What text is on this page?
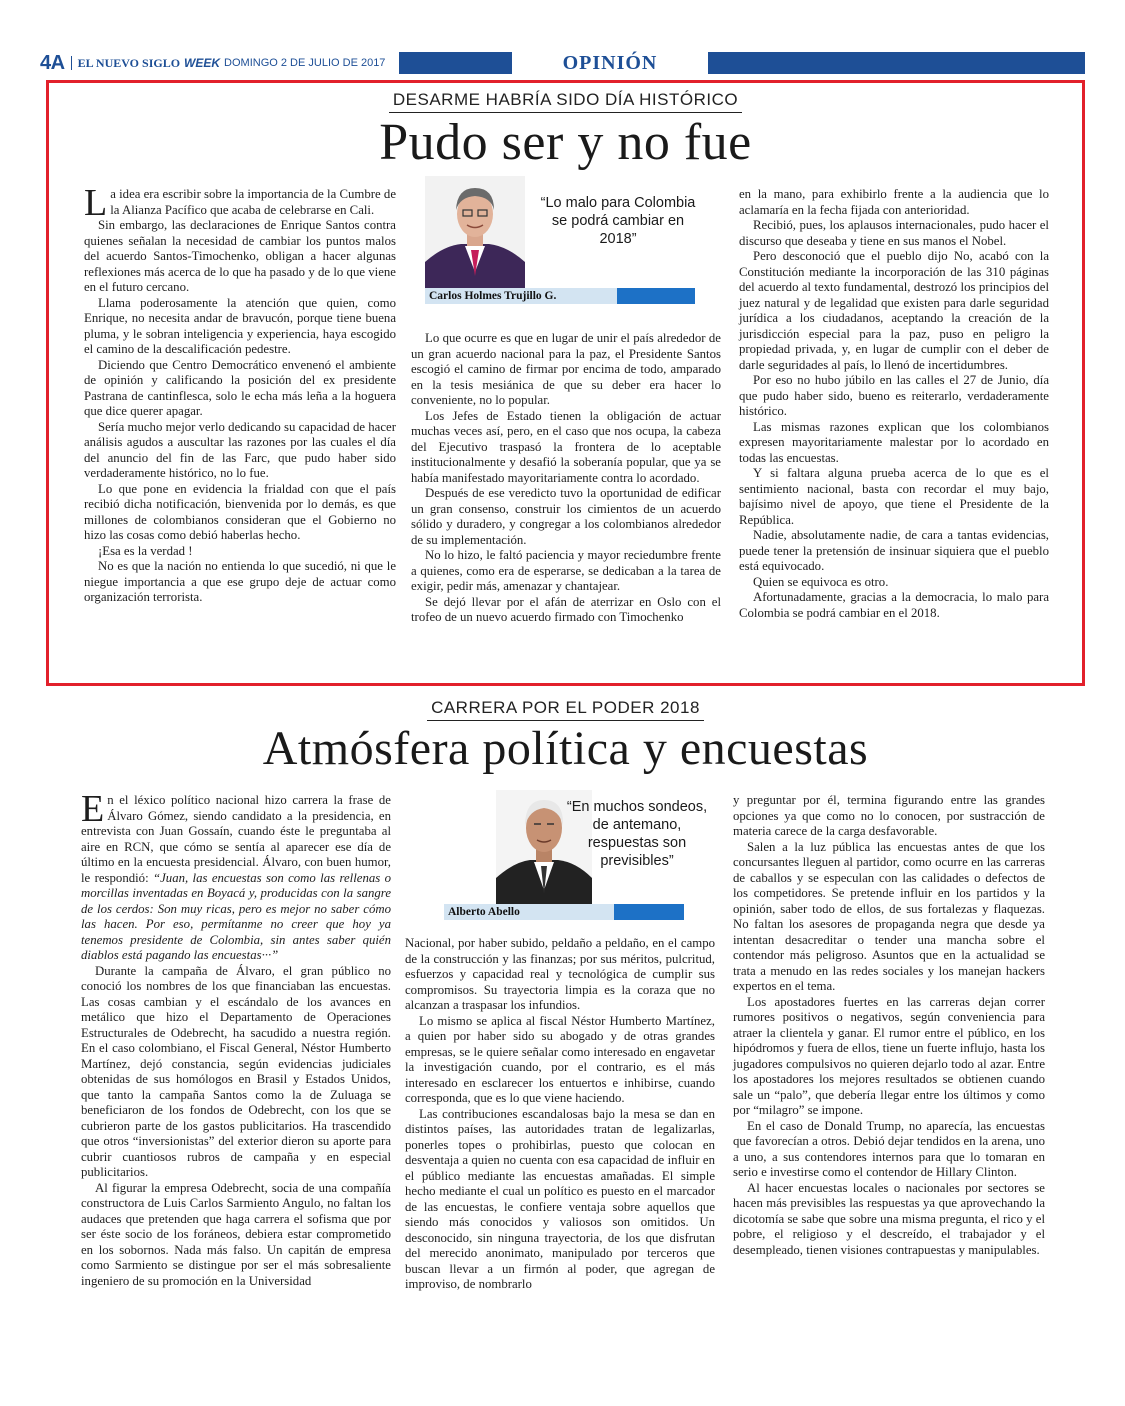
4A EL NUEVO SIGLO WEEK DOMINGO 2 DE JULIO DE 2017	OPINIÓN
DESARME HABRÍA SIDO DÍA HISTÓRICO
Pudo ser y no fue

La idea era escribir sobre la importancia de la Cumbre de la Alianza Pacífico que acaba de celebrarse en Cali.

Sin embargo, las declaraciones de Enrique Santos contra quienes señalan la necesidad de cambiar los puntos malos del acuerdo Santos-Timochenko, obligan a hacer algunas reflexiones más acerca de lo que ha pasado y de lo que viene en el futuro cercano.

Llama poderosamente la atención que quien, como Enrique, no necesita andar de bravucón, porque tiene buena pluma, y le sobran inteligencia y experiencia, haya escogido el camino de la descalificación pedestre.

Diciendo que Centro Democrático envenenó el ambiente de opinión y calificando la posición del ex presidente Pastrana de cantinflesca, solo le echa más leña a la hoguera que dice querer apagar.

Sería mucho mejor verlo dedicando su capacidad de hacer análisis agudos a auscultar las razones por las cuales el día del anuncio del fin de las Farc, que pudo haber sido verdaderamente histórico, no lo fue.

Lo que pone en evidencia la frialdad con que el país recibió dicha notificación, bienvenida por lo demás, es que millones de colombianos consideran que el Gobierno no hizo las cosas como debió haberlas hecho.

¡Esa es la verdad !

No es que la nación no entienda lo que sucedió, ni que le niegue importancia a que ese grupo deje de actuar como organización terrorista.

“Lo malo para Colombia se podrá cambiar en 2018”
Carlos Holmes Trujillo G.

Lo que ocurre es que en lugar de unir el país alrededor de un gran acuerdo nacional para la paz, el Presidente Santos escogió el camino de firmar por encima de todo, amparado en la tesis mesiánica de que su deber era hacer lo conveniente, no lo popular.

Los Jefes de Estado tienen la obligación de actuar muchas veces así, pero, en el caso que nos ocupa, la cabeza del Ejecutivo traspasó la frontera de lo aceptable institucionalmente y desafió la soberanía popular, que ya se había manifestado mayoritariamente contra lo acordado.

Después de ese veredicto tuvo la oportunidad de edificar un gran consenso, construir los cimientos de un acuerdo sólido y duradero, y congregar a los colombianos alrededor de su implementación.

No lo hizo, le faltó paciencia y mayor reciedumbre frente a quienes, como era de esperarse, se dedicaban a la tarea de exigir, pedir más, amenazar y chantajear.

Se dejó llevar por el afán de aterrizar en Oslo con el trofeo de un nuevo acuerdo firmado con Timochenko

en la mano, para exhibirlo frente a la audiencia que lo aclamaría en la fecha fijada con anterioridad.

Recibió, pues, los aplausos internacionales, pudo hacer el discurso que deseaba y tiene en sus manos el Nobel.

Pero desconoció que el pueblo dijo No, acabó con la Constitución mediante la incorporación de las 310 páginas del acuerdo al texto fundamental, destrozó los principios del juez natural y de legalidad que existen para darle seguridad jurídica a los ciudadanos, aceptando la creación de la jurisdicción especial para la paz, puso en peligro la propiedad privada, y, en lugar de cumplir con el deber de darle seguridades al país, lo llenó de incertidumbres.

Por eso no hubo júbilo en las calles el 27 de Junio, día que pudo haber sido, bueno es reiterarlo, verdaderamente histórico.

Las mismas razones explican que los colombianos expresen mayoritariamente malestar por lo acordado en todas las encuestas.

Y si faltara alguna prueba acerca de lo que es el sentimiento nacional, basta con recordar el muy bajo, bajísimo nivel de apoyo, que tiene el Presidente de la República.

Nadie, absolutamente nadie, de cara a tantas evidencias, puede tener la pretensión de insinuar siquiera que el pueblo está equivocado.

Quien se equivoca es otro.

Afortunadamente, gracias a la democracia, lo malo para Colombia se podrá cambiar en el 2018.

CARRERA POR EL PODER 2018
Atmósfera política y encuestas

En el léxico político nacional hizo carrera la frase de Álvaro Gómez, siendo candidato a la presidencia, en entrevista con Juan Gossaín, cuando éste le preguntaba al aire en RCN, que cómo se sentía al aparecer ese día de último en la encuesta presidencial. Álvaro, con buen humor, le respondió: “Juan, las encuestas son como las rellenas o morcillas inventadas en Boyacá y, producidas con la sangre de los cerdos: Son muy ricas, pero es mejor no saber cómo las hacen. Por eso, permítanme no creer que hoy ya tenemos presidente de Colombia, sin antes saber quién diablos está pagando las encuestas···”

Durante la campaña de Álvaro, el gran público no conoció los nombres de los que financiaban las encuestas. Las cosas cambian y el escándalo de los avances en metálico que hizo el Departamento de Operaciones Estructurales de Odebrecht, ha sacudido a nuestra región. En el caso colombiano, el Fiscal General, Néstor Humberto Martínez, dejó constancia, según evidencias judiciales obtenidas de sus homólogos en Brasil y Estados Unidos, que tanto la campaña Santos como la de Zuluaga se beneficiaron de los fondos de Odebrecht, con los que se cubrieron parte de los gastos publicitarios. Ha trascendido que otros “inversionistas” del exterior dieron su aporte para cubrir cuantiosos rubros de campaña y en especial publicitarios.

Al figurar la empresa Odebrecht, socia de una compañía constructora de Luis Carlos Sarmiento Angulo, no faltan los audaces que pretenden que haga carrera el sofisma que por ser éste socio de los foráneos, debiera estar comprometido en los sobornos. Nada más falso. Un capitán de empresa como Sarmiento se distingue por ser el más sobresaliente ingeniero de su promoción en la Universidad

“En muchos sondeos, de antemano, respuestas son previsibles”
Alberto Abello

Nacional, por haber subido, peldaño a peldaño, en el campo de la construcción y las finanzas; por sus méritos, pulcritud, esfuerzos y capacidad real y tecnológica de cumplir sus compromisos. Su trayectoria limpia es la coraza que no alcanzan a traspasar los infundios.

Lo mismo se aplica al fiscal Néstor Humberto Martínez, a quien por haber sido su abogado y de otras grandes empresas, se le quiere señalar como interesado en engavetar la investigación cuando, por el contrario, es el más interesado en esclarecer los entuertos e inhibirse, cuando corresponda, que es lo que viene haciendo.

Las contribuciones escandalosas bajo la mesa se dan en distintos países, las autoridades tratan de legalizarlas, ponerles topes o prohibirlas, puesto que colocan en desventaja a quien no cuenta con esa capacidad de influir en el público mediante las encuestas amañadas. El simple hecho mediante el cual un político es puesto en el marcador de las encuestas, le confiere ventaja sobre aquellos que siendo más conocidos y valiosos son omitidos. Un desconocido, sin ninguna trayectoria, de los que disfrutan del merecido anonimato, manipulado por terceros que buscan llevar a un firmón al poder, que agregan de improviso, de nombrarlo

y preguntar por él, termina figurando entre las grandes opciones ya que como no lo conocen, por sustracción de materia carece de la carga desfavorable.

Salen a la luz pública las encuestas antes de que los concursantes lleguen al partidor, como ocurre en las carreras de caballos y se especulan con las calidades o defectos de los competidores. Se pretende influir en los partidos y la opinión, saber todo de ellos, de sus fortalezas y flaquezas. No faltan los asesores de propaganda negra que desde ya intentan desacreditar o tender una mancha sobre el contendor más peligroso. Asuntos que en la actualidad se trata a menudo en las redes sociales y los manejan hackers expertos en el tema.

Los apostadores fuertes en las carreras dejan correr rumores positivos o negativos, según conveniencia para atraer la clientela y ganar. El rumor entre el público, en los hipódromos y fuera de ellos, tiene un fuerte influjo, hasta los jugadores compulsivos no quieren dejarlo todo al azar. Entre los apostadores los mejores resultados se obtienen cuando sale un “palo”, que debería llegar entre los últimos y como por “milagro” se impone.

En el caso de Donald Trump, no aparecía, las encuestas que favorecían a otros. Debió dejar tendidos en la arena, uno a uno, a sus contendores internos para que lo tomaran en serio e investirse como el contendor de Hillary Clinton.

Al hacer encuestas locales o nacionales por sectores se hacen más previsibles las respuestas ya que aprovechando la dicotomía se sabe que sobre una misma pregunta, el rico y el pobre, el religioso y el descreído, el trabajador y el desempleado, tienen visiones contrapuestas y manipulables.
